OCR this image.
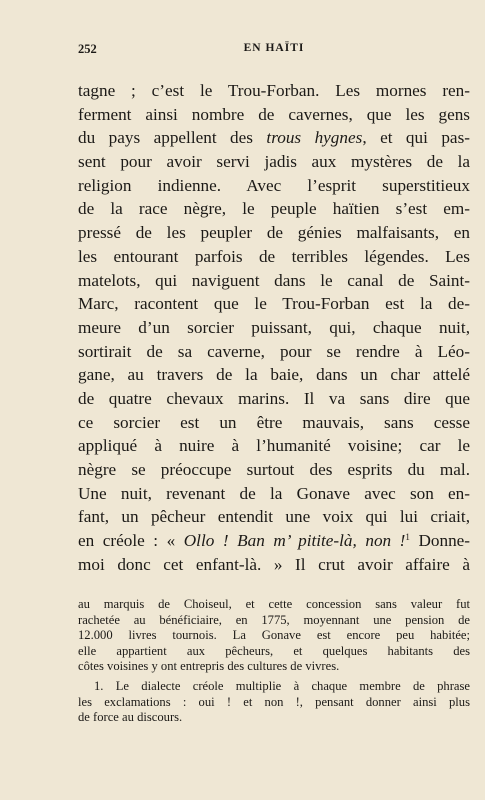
252	EN HAÏTI
tagne ; c’est le Trou-Forban. Les mornes ren-
ferment ainsi nombre de cavernes, que les gens
du pays appellent des trous hygnes, et qui pas-
sent pour avoir servi jadis aux mystères de la
religion indienne. Avec l’esprit superstitieux
de la race nègre, le peuple haïtien s’est em-
pressé de les peupler de génies malfaisants, en
les entourant parfois de terribles légendes. Les
matelots, qui naviguent dans le canal de Saint-
Marc, racontent que le Trou-Forban est la de-
meure d’un sorcier puissant, qui, chaque nuit,
sortirait de sa caverne, pour se rendre à Léo-
gane, au travers de la baie, dans un char attelé
de quatre chevaux marins. Il va sans dire que
ce sorcier est un être mauvais, sans cesse
appliqué à nuire à l’humanité voisine; car le
nègre se préoccupe surtout des esprits du mal.
Une nuit, revenant de la Gonave avec son en-
fant, un pêcheur entendit une voix qui lui criait,
en créole : « Ollo ! Ban m’ pitite-là, non !$^1$ Donne-
moi donc cet enfant-là. » Il crut avoir affaire à
au marquis de Choiseul, et cette concession sans valeur fut
rachetée au bénéficiaire, en 1775, moyennant une pension de
12.000 livres tournois. La Gonave est encore peu habitée;
elle appartient aux pêcheurs, et quelques habitants des
côtes voisines y ont entrepris des cultures de vivres.
1. Le dialecte créole multiplie à chaque membre de phrase
les exclamations : oui ! et non !, pensant donner ainsi plus
de force au discours.
